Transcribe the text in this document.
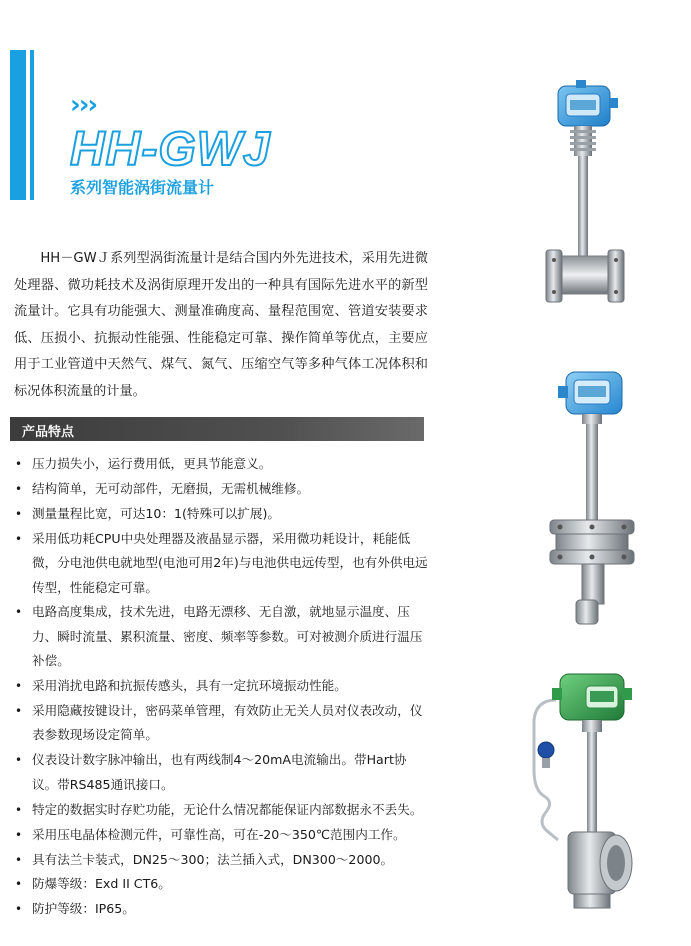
›››
HH-GWJ
系列智能涡街流量计

HH－GWＪ系列型涡街流量计是结合国内外先进技术，采用先进微处理器、微功耗技术及涡街原理开发出的一种具有国际先进水平的新型流量计。它具有功能强大、测量准确度高、量程范围宽、管道安装要求低、压损小、抗振动性能强、性能稳定可靠、操作简单等优点，主要应用于工业管道中天然气、煤气、氮气、压缩空气等多种气体工况体积和标况体积流量的计量。

产品特点
• 压力损失小，运行费用低，更具节能意义。
• 结构简单，无可动部件，无磨损，无需机械维修。
• 测量量程比宽，可达10：1(特殊可以扩展)。
• 采用低功耗CPU中央处理器及液晶显示器，采用微功耗设计，耗能低微，分电池供电就地型(电池可用2年)与电池供电远传型，也有外供电远传型，性能稳定可靠。
• 电路高度集成，技术先进，电路无漂移、无自激，就地显示温度、压力、瞬时流量、累积流量、密度、频率等参数。可对被测介质进行温压补偿。
• 采用消扰电路和抗振传感头，具有一定抗环境振动性能。
• 采用隐藏按键设计，密码菜单管理，有效防止无关人员对仪表改动，仪表参数现场设定简单。
• 仪表设计数字脉冲输出，也有两线制4～20mA电流输出。带Hart协议。带RS485通讯接口。
• 特定的数据实时存贮功能，无论什么情况都能保证内部数据永不丢失。
• 采用压电晶体检测元件，可靠性高，可在-20～350℃范围内工作。
• 具有法兰卡装式，DN25～300；法兰插入式，DN300～2000。
• 防爆等级：Exd II CT6。
• 防护等级：IP65。
